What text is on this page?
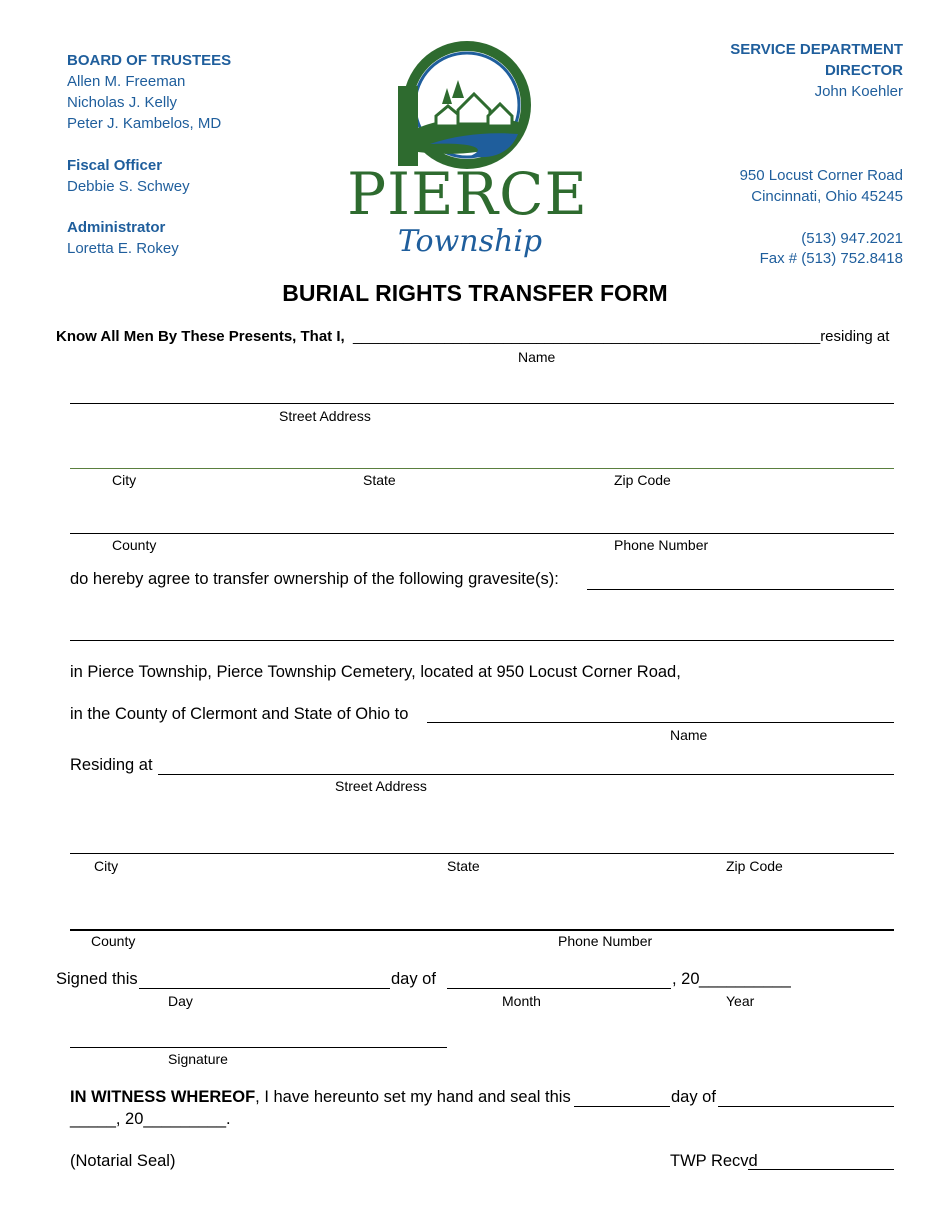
BOARD OF TRUSTEES
Allen M. Freeman
Nicholas J. Kelly
Peter J. Kambelos, MD
Fiscal Officer
Debbie S. Schwey
Administrator
Loretta E. Rokey
SERVICE DEPARTMENT
DIRECTOR
John Koehler
950 Locust Corner Road
Cincinnati, Ohio 45245
(513) 947.2021
Fax # (513) 752.8418
PIERCE
Township
BURIAL RIGHTS TRANSFER FORM
Know All Men By These Presents, That I, ________________________________________________________residing at
Name
Street Address
City	State	Zip Code
County	Phone Number
do hereby agree to transfer ownership of the following gravesite(s):
in Pierce Township, Pierce Township Cemetery, located at 950 Locust Corner Road,
in the County of Clermont and State of Ohio to
Name
Residing at
Street Address
City	State	Zip Code
County	Phone Number
Signed this	day of	, 20 __________
Day	Month	Year
Signature
IN WITNESS WHEREOF, I have hereunto set my hand and seal this	day of
_____, 20_________.
(Notarial Seal)	TWP Recvd
